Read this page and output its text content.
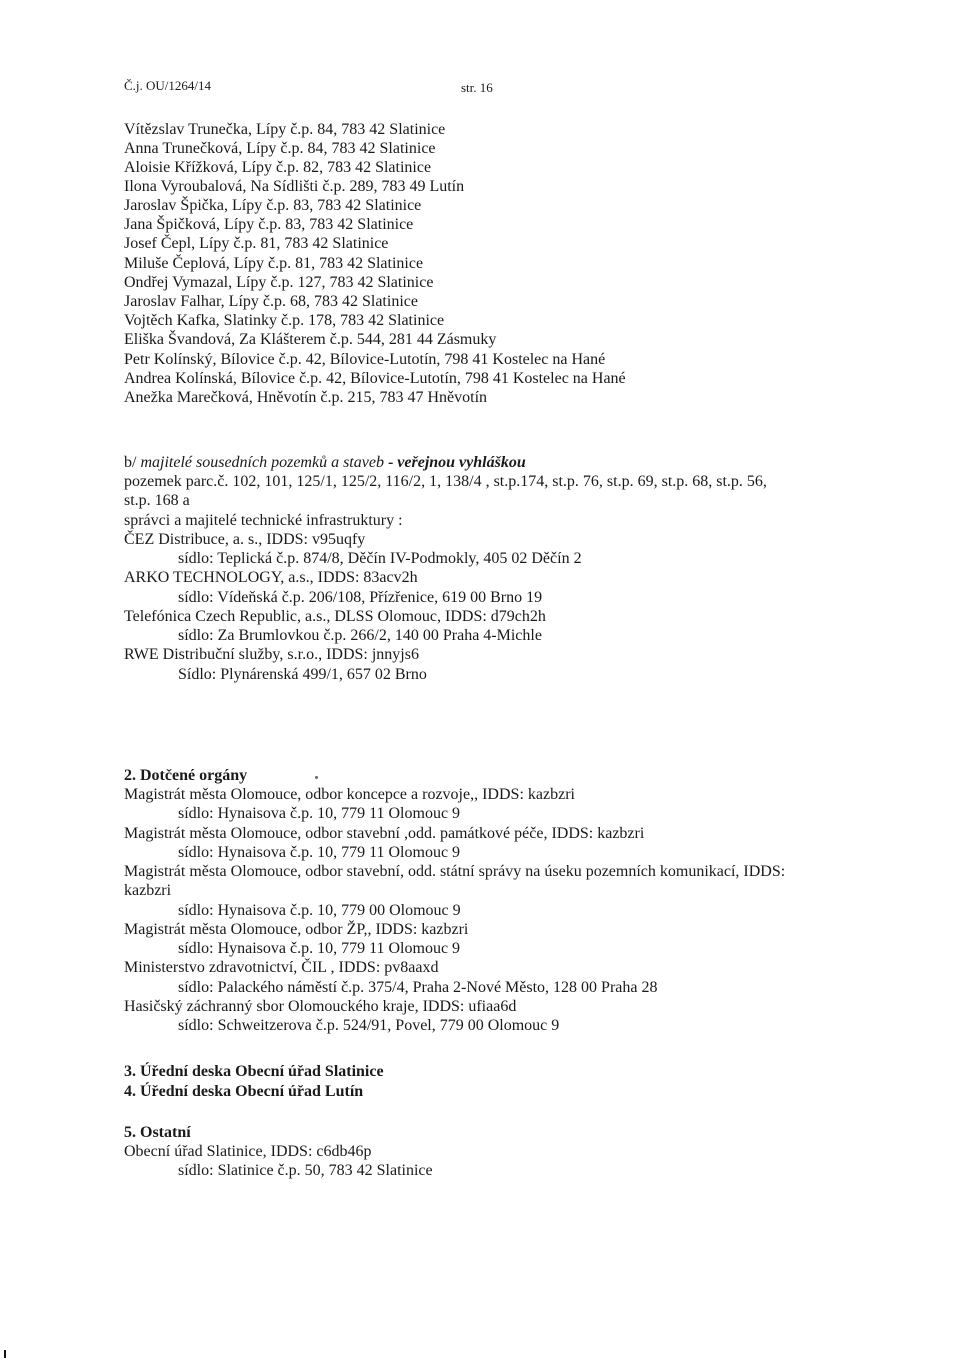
Č.j. OU/1264/14	str. 16
Vítězslav Trunečka, Lípy č.p. 84, 783 42 Slatinice
Anna Trunečková, Lípy č.p. 84, 783 42 Slatinice
Aloisie Křížková, Lípy č.p. 82, 783 42 Slatinice
Ilona Vyroubalová, Na Sídlišti č.p. 289, 783 49 Lutín
Jaroslav Špička, Lípy č.p. 83, 783 42 Slatinice
Jana Špičková, Lípy č.p. 83, 783 42 Slatinice
Josef Čepl, Lípy č.p. 81, 783 42 Slatinice
Miluše Čeplová, Lípy č.p. 81, 783 42 Slatinice
Ondřej Vymazal, Lípy č.p. 127, 783 42 Slatinice
Jaroslav Falhar, Lípy č.p. 68, 783 42 Slatinice
Vojtěch Kafka, Slatinky č.p. 178, 783 42 Slatinice
Eliška Švandová, Za Klášterem č.p. 544, 281 44 Zásmuky
Petr Kolínský, Bílovice č.p. 42, Bílovice-Lutotín, 798 41 Kostelec na Hané
Andrea Kolínská, Bílovice č.p. 42, Bílovice-Lutotín, 798 41 Kostelec na Hané
Anežka Marečková, Hněvotín č.p. 215, 783 47 Hněvotín
b/ majitelé sousedních pozemků a staveb - veřejnou vyhláškou
pozemek parc.č. 102, 101, 125/1, 125/2, 116/2, 1, 138/4 , st.p.174, st.p. 76, st.p. 69, st.p. 68, st.p. 56,
st.p. 168 a
správci a majitelé technické infrastruktury :
ČEZ Distribuce, a. s., IDDS: v95uqfy
sídlo: Teplická č.p. 874/8, Děčín IV-Podmokly, 405 02 Děčín 2
ARKO TECHNOLOGY, a.s., IDDS: 83acv2h
sídlo: Vídeňská č.p. 206/108, Přízřenice, 619 00 Brno 19
Telefónica Czech Republic, a.s., DLSS Olomouc, IDDS: d79ch2h
sídlo: Za Brumlovkou č.p. 266/2, 140 00 Praha 4-Michle
RWE Distribuční služby, s.r.o., IDDS: jnnyjs6
Sídlo: Plynárenská 499/1, 657 02 Brno
2. Dotčené orgány
Magistrát města Olomouce, odbor koncepce a rozvoje,, IDDS: kazbzri
sídlo: Hynaisova č.p. 10, 779 11 Olomouc 9
Magistrát města Olomouce, odbor stavební ,odd. památkové péče, IDDS: kazbzri
sídlo: Hynaisova č.p. 10, 779 11 Olomouc 9
Magistrát města Olomouce, odbor stavební, odd. státní správy na úseku pozemních komunikací, IDDS:
kazbzri
sídlo: Hynaisova č.p. 10, 779 00 Olomouc 9
Magistrát města Olomouce, odbor ŽP,, IDDS: kazbzri
sídlo: Hynaisova č.p. 10, 779 11 Olomouc 9
Ministerstvo zdravotnictví, ČIL , IDDS: pv8aaxd
sídlo: Palackého náměstí č.p. 375/4, Praha 2-Nové Město, 128 00 Praha 28
Hasičský záchranný sbor Olomouckého kraje, IDDS: ufiaa6d
sídlo: Schweitzerova č.p. 524/91, Povel, 779 00 Olomouc 9
3. Úřední deska Obecní úřad Slatinice
4. Úřední deska Obecní úřad Lutín
5. Ostatní
Obecní úřad Slatinice, IDDS: c6db46p
sídlo: Slatinice č.p. 50, 783 42 Slatinice
